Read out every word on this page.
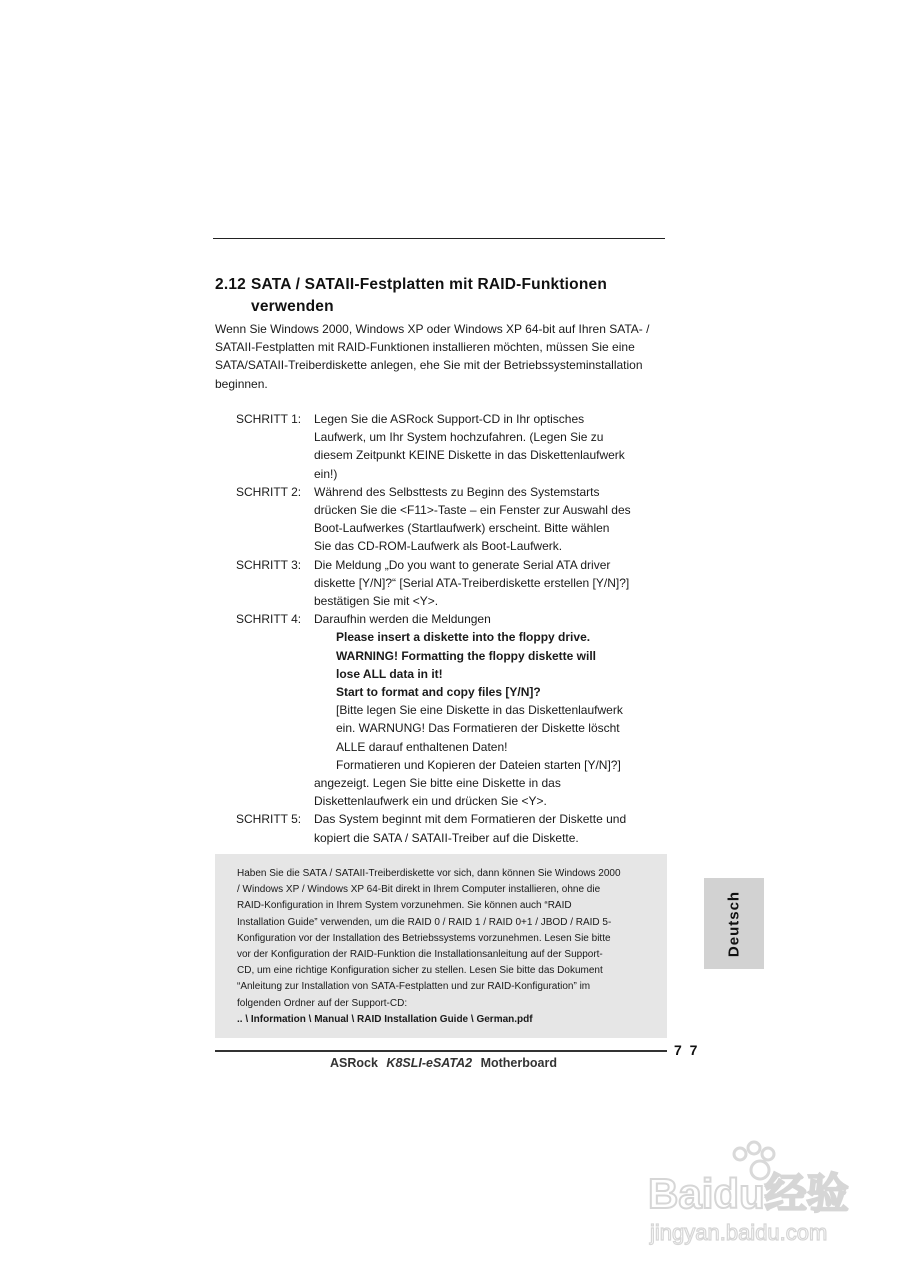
2.12 SATA / SATAII-Festplatten mit RAID-Funktionen
verwenden
Wenn Sie Windows 2000, Windows XP oder Windows XP 64-bit auf Ihren SATA- /
SATAII-Festplatten mit RAID-Funktionen installieren möchten, müssen Sie eine
SATA/SATAII-Treiberdiskette anlegen, ehe Sie mit der Betriebssysteminstallation
beginnen.
SCHRITT 1:	Legen Sie die ASRock Support-CD in Ihr optisches
Laufwerk, um Ihr System hochzufahren. (Legen Sie zu
diesem Zeitpunkt KEINE Diskette in das Diskettenlaufwerk
ein!)
SCHRITT 2:	Während des Selbsttests zu Beginn des Systemstarts
drücken Sie die <F11>-Taste – ein Fenster zur Auswahl des
Boot-Laufwerkes (Startlaufwerk) erscheint. Bitte wählen
Sie das CD-ROM-Laufwerk als Boot-Laufwerk.
SCHRITT 3:	Die Meldung „Do you want to generate Serial ATA driver
diskette [Y/N]?“ [Serial ATA-Treiberdiskette erstellen [Y/N]?]
bestätigen Sie mit <Y>.
SCHRITT 4:	Daraufhin werden die Meldungen
Please insert a diskette into the floppy drive.
WARNING! Formatting the floppy diskette will
lose ALL data in it!
Start to format and copy files [Y/N]?
[Bitte legen Sie eine Diskette in das Diskettenlaufwerk
ein. WARNUNG! Das Formatieren der Diskette löscht
ALLE darauf enthaltenen Daten!
Formatieren und Kopieren der Dateien starten [Y/N]?]
angezeigt. Legen Sie bitte eine Diskette in das
Diskettenlaufwerk ein und drücken Sie <Y>.
SCHRITT 5:	Das System beginnt mit dem Formatieren der Diskette und
kopiert die SATA / SATAII-Treiber auf die Diskette.
Haben Sie die SATA / SATAII-Treiberdiskette vor sich, dann können Sie Windows 2000
/ Windows XP / Windows XP 64-Bit direkt in Ihrem Computer installieren, ohne die
RAID-Konfiguration in Ihrem System vorzunehmen. Sie können auch “RAID
Installation Guide” verwenden, um die RAID 0 / RAID 1 / RAID 0+1 / JBOD / RAID 5-
Konfiguration vor der Installation des Betriebssystems vorzunehmen. Lesen Sie bitte
vor der Konfiguration der RAID-Funktion die Installationsanleitung auf der Support-
CD, um eine richtige Konfiguration sicher zu stellen. Lesen Sie bitte das Dokument
“Anleitung zur Installation von SATA-Festplatten und zur RAID-Konfiguration” im
folgenden Ordner auf der Support-CD:
.. \ Information \ Manual \ RAID Installation Guide \ German.pdf
Deutsch
7 7
ASRock K8SLI-eSATA2 Motherboard
Baidu经验
jingyan.baidu.com
